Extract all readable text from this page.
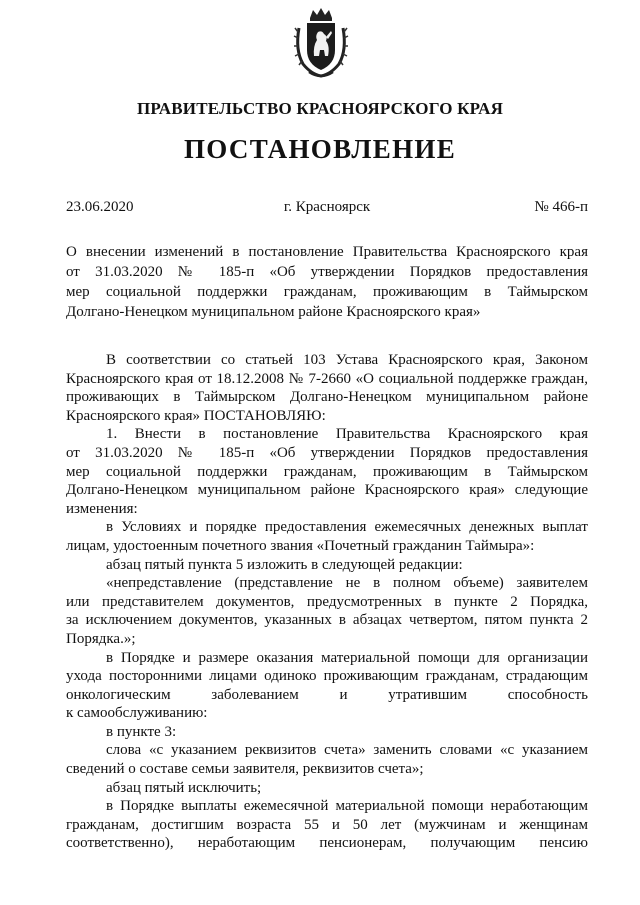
ПРАВИТЕЛЬСТВО КРАСНОЯРСКОГО КРАЯ
ПОСТАНОВЛЕНИЕ
23.06.2020	г. Красноярск	№ 466-п
О внесении изменений в постановление Правительства Красноярского края
от 31.03.2020 № 185-п «Об утверждении Порядков предоставления
мер социальной поддержки гражданам, проживающим в Таймырском
Долгано-Ненецком муниципальном районе Красноярского края»
В соответствии со статьей 103 Устава Красноярского края, Законом
Красноярского края от 18.12.2008 № 7-2660 «О социальной поддержке граждан,
проживающих в Таймырском Долгано-Ненецком муниципальном районе
Красноярского края» ПОСТАНОВЛЯЮ:
1. Внести в постановление Правительства Красноярского края
от 31.03.2020 № 185-п «Об утверждении Порядков предоставления
мер социальной поддержки гражданам, проживающим в Таймырском
Долгано-Ненецком муниципальном районе Красноярского края» следующие
изменения:
в Условиях и порядке предоставления ежемесячных денежных выплат
лицам, удостоенным почетного звания «Почетный гражданин Таймыра»:
абзац пятый пункта 5 изложить в следующей редакции:
«непредставление (представление не в полном объеме) заявителем
или представителем документов, предусмотренных в пункте 2 Порядка,
за исключением документов, указанных в абзацах четвертом, пятом пункта 2
Порядка.»;
в Порядке и размере оказания материальной помощи для организации
ухода посторонними лицами одиноко проживающим гражданам, страдающим
онкологическим заболеванием и утратившим способность
к самообслуживанию:
в пункте 3:
слова «с указанием реквизитов счета» заменить словами «с указанием
сведений о составе семьи заявителя, реквизитов счета»;
абзац пятый исключить;
в Порядке выплаты ежемесячной материальной помощи неработающим
гражданам, достигшим возраста 55 и 50 лет (мужчинам и женщинам
соответственно), неработающим пенсионерам, получающим пенсию
